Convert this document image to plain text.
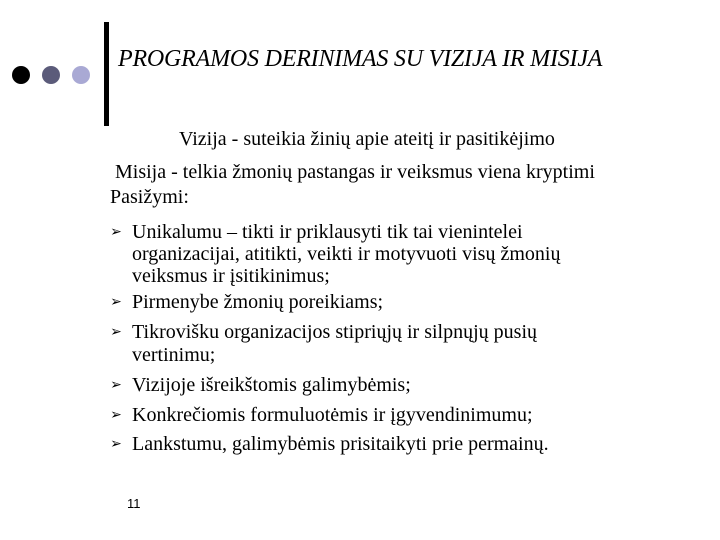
PROGRAMOS DERINIMAS SU VIZIJA IR MISIJA
Vizija - suteikia žinių apie ateitį ir pasitikėjimo
Misija - telkia žmonių pastangas ir veiksmus viena kryptimi
Pasižymi:
➢ Unikalumu – tikti ir priklausyti tik tai vienintelei
organizacijai, atitikti, veikti ir motyvuoti visų žmonių
veiksmus ir įsitikinimus;
➢ Pirmenybe žmonių poreikiams;
➢ Tikrovišku organizacijos stipriųjų ir silpnųjų pusių
vertinimu;
➢ Vizijoje išreikštomis galimybėmis;
➢ Konkrečiomis formuluotėmis ir įgyvendinimumu;
➢ Lankstumu, galimybėmis prisitaikyti prie permainų.
11
